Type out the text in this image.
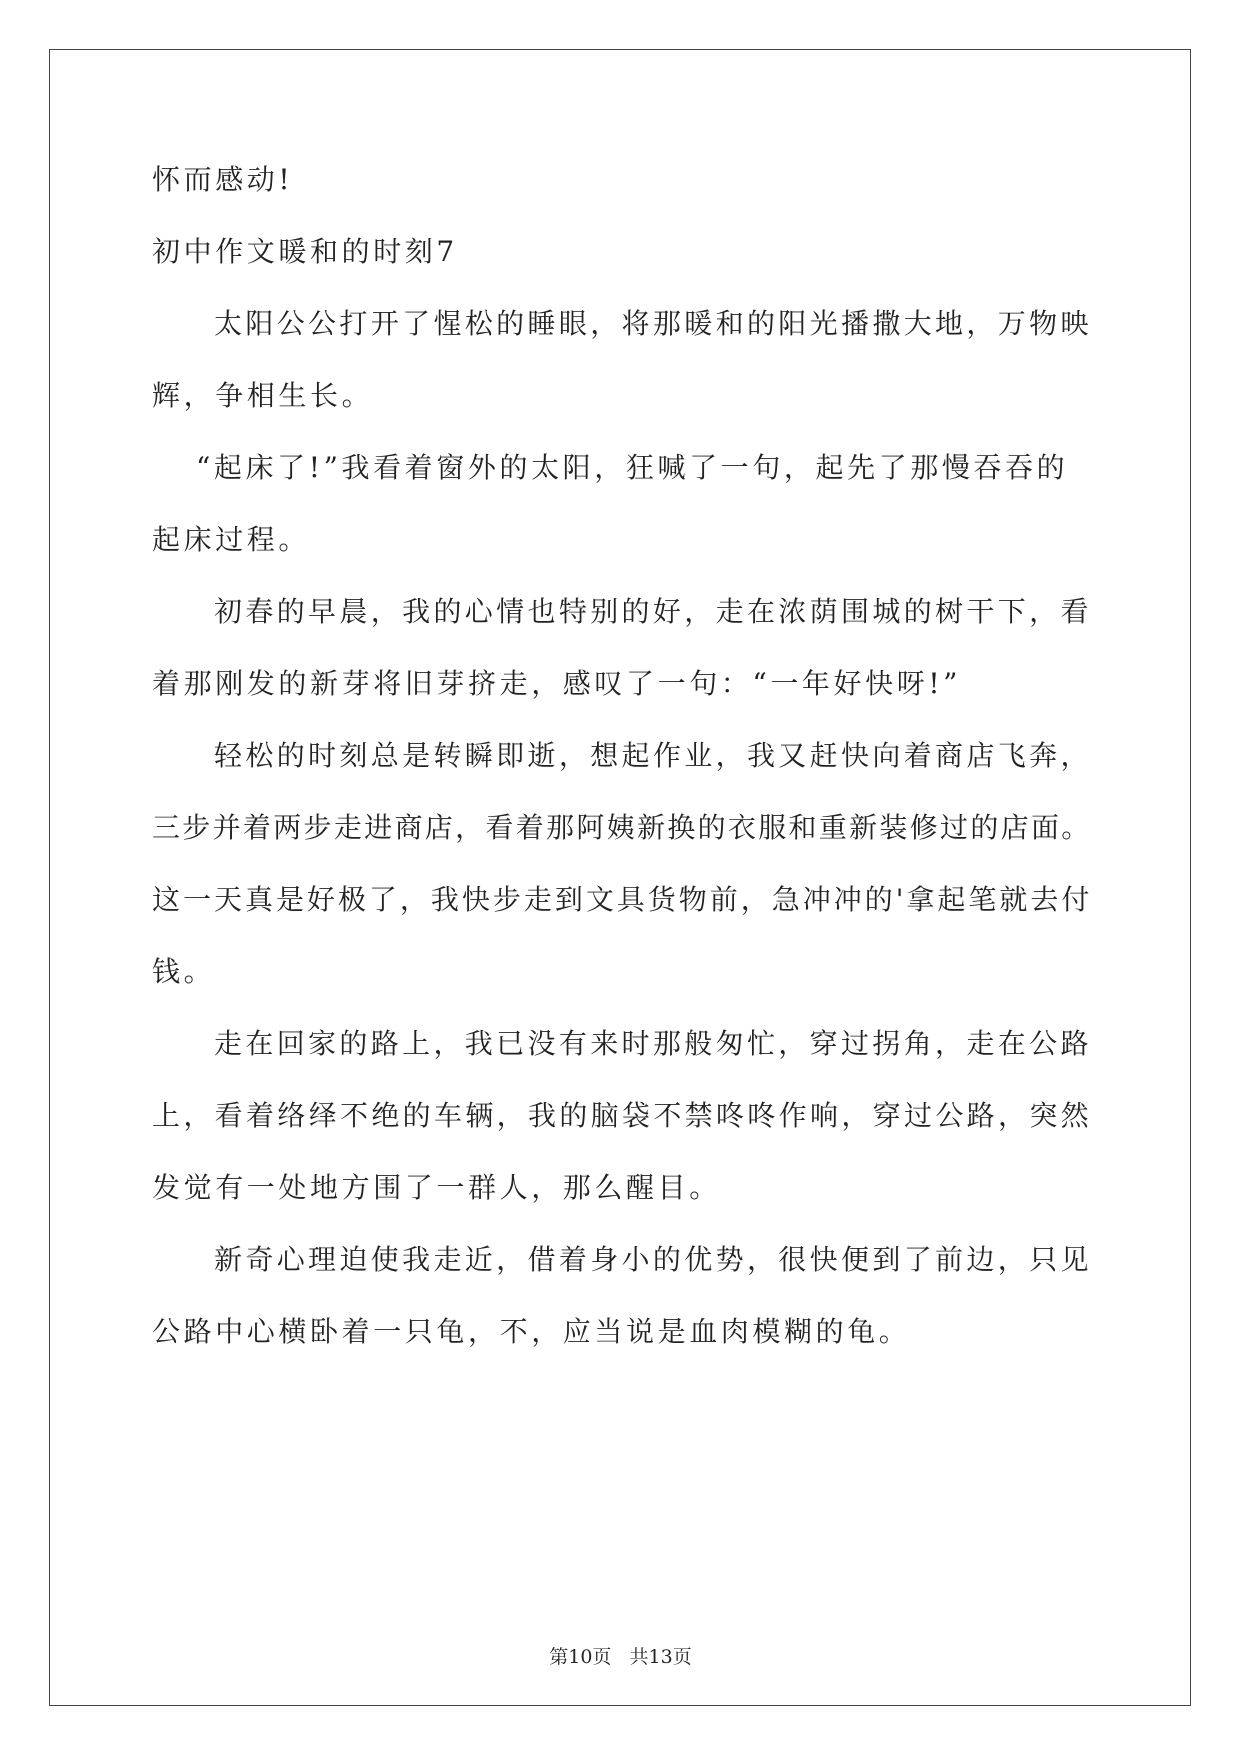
怀而感动!
初中作文暖和的时刻7
太阳公公打开了惺松的睡眼，将那暖和的阳光播撒大地，万物映
辉，争相生长。
“起床了!”我看着窗外的太阳，狂喊了一句，起先了那慢吞吞的
起床过程。
初春的早晨，我的心情也特别的好，走在浓荫围城的树干下，看
着那刚发的新芽将旧芽挤走，感叹了一句：“一年好快呀!”
轻松的时刻总是转瞬即逝，想起作业，我又赶快向着商店飞奔，
三步并着两步走进商店，看着那阿姨新换的衣服和重新装修过的店面。
这一天真是好极了，我快步走到文具货物前，急冲冲的'拿起笔就去付
钱。
走在回家的路上，我已没有来时那般匆忙，穿过拐角，走在公路
上，看着络绎不绝的车辆，我的脑袋不禁咚咚作响，穿过公路，突然
发觉有一处地方围了一群人，那么醒目。
新奇心理迫使我走近，借着身小的优势，很快便到了前边，只见
公路中心横卧着一只龟，不，应当说是血肉模糊的龟。
第10页   共13页
